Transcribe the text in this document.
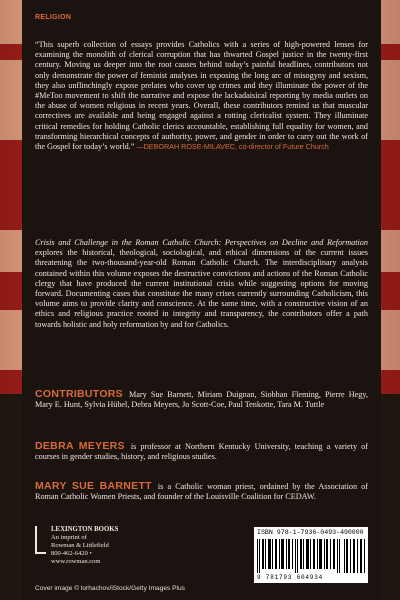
RELIGION
“This superb collection of essays provides Catholics with a series of high-powered lenses for examining the monolith of clerical corruption that has thwarted Gospel justice in the twenty-first century. Moving us deeper into the root causes behind today’s painful headlines, contributors not only demonstrate the power of feminist analyses in exposing the long arc of misogyny and sexism, they also unflinchingly expose prelates who cover up crimes and they illuminate the power of the #MeToo movement to shift the narrative and expose the lackadaisical reporting by media outlets on the abuse of women religious in recent years. Overall, these contributors remind us that muscular correctives are available and being engaged against a rotting clericalist system. They illuminate critical remedies for holding Catholic clerics accountable, establishing full equality for women, and transforming hierarchical concepts of authority, power, and gender in order to carry out the work of the Gospel for today’s world.” —DEBORAH ROSE-MILAVEC, co-director of Future Church
Crisis and Challenge in the Roman Catholic Church: Perspectives on Decline and Reformation explores the historical, theological, sociological, and ethical dimensions of the current issues threatening the two-thousand-year-old Roman Catholic Church. The interdisciplinary analysis contained within this volume exposes the destructive convictions and actions of the Roman Catholic clergy that have produced the current institutional crisis while suggesting options for moving forward. Documenting cases that constitute the many crises currently surrounding Catholicism, this volume aims to provide clarity and conscience. At the same time, with a constructive vision of an ethics and religious practice rooted in integrity and transparency, the contributors offer a path towards holistic and holy reformation by and for Catholics.
CONTRIBUTORS Mary Sue Barnett, Miriam Duignan, Siobhan Fleming, Pierre Hegy, Mary E. Hunt, Sylvia Hübel, Debra Meyers, Jo Scott-Coe, Paul Tenkotte, Tara M. Tuttle
DEBRA MEYERS is professor at Northern Kentucky University, teaching a variety of courses in gender studies, history, and religious studies.
MARY SUE BARNETT is a Catholic woman priest, ordained by the Association of Roman Catholic Women Priests, and founder of the Louisville Coalition for CEDAW.
LEXINGTON BOOKS
An imprint of
Rowman & Littlefield
800-462-6420 • www.rowman.com
ISBN 978-1-7936-0493-4 90000
9 781793 604934
Cover image © lorhachov/iStock/Getty Images Plus
